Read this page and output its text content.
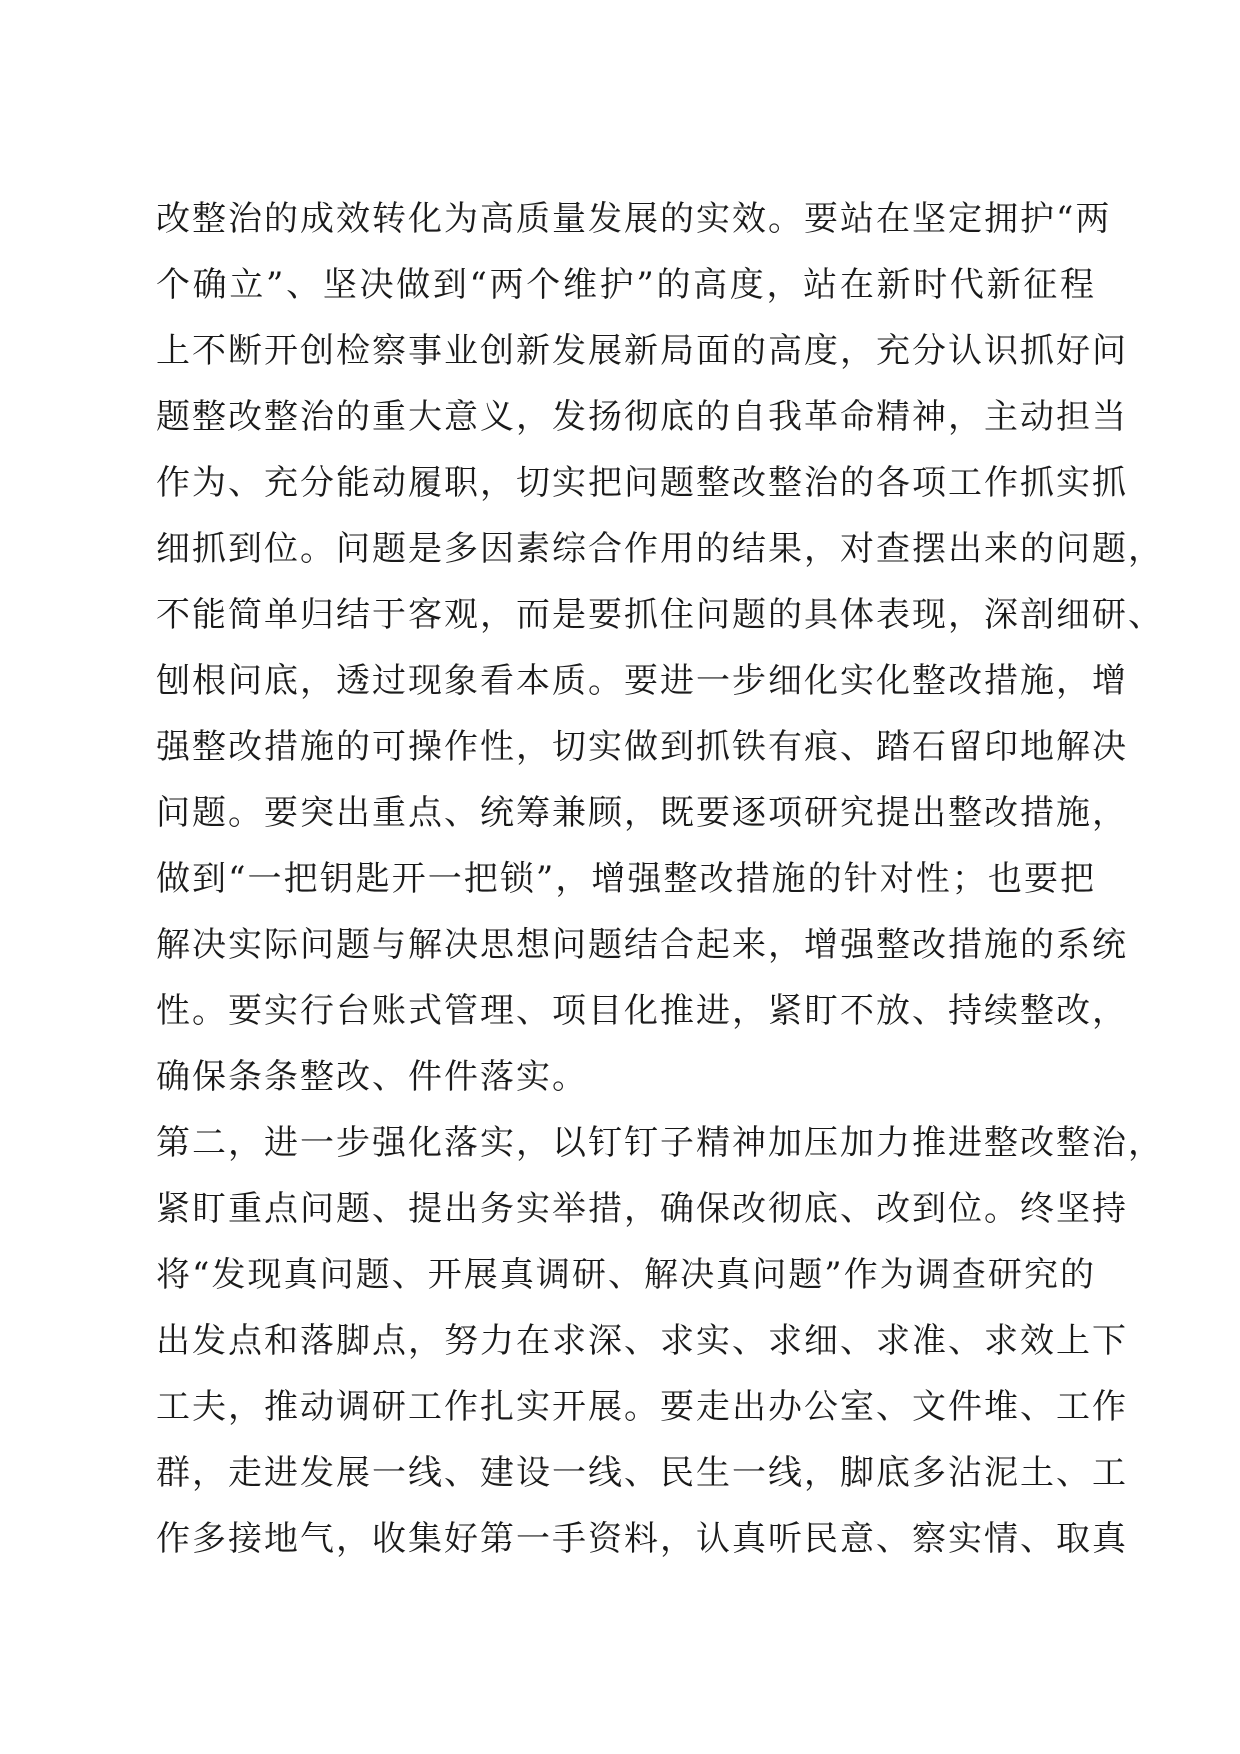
改整治的成效转化为高质量发展的实效。要站在坚定拥护“两
个确立”、坚决做到“两个维护”的高度，站在新时代新征程
上不断开创检察事业创新发展新局面的高度，充分认识抓好问
题整改整治的重大意义，发扬彻底的自我革命精神，主动担当
作为、充分能动履职，切实把问题整改整治的各项工作抓实抓
细抓到位。问题是多因素综合作用的结果，对查摆出来的问题，
不能简单归结于客观，而是要抓住问题的具体表现，深剖细研、
刨根问底，透过现象看本质。要进一步细化实化整改措施，增
强整改措施的可操作性，切实做到抓铁有痕、踏石留印地解决
问题。要突出重点、统筹兼顾，既要逐项研究提出整改措施，
做到“一把钥匙开一把锁”，增强整改措施的针对性；也要把
解决实际问题与解决思想问题结合起来，增强整改措施的系统
性。要实行台账式管理、项目化推进，紧盯不放、持续整改，
确保条条整改、件件落实。
第二，进一步强化落实，以钉钉子精神加压加力推进整改整治，
紧盯重点问题、提出务实举措，确保改彻底、改到位。终坚持
将“发现真问题、开展真调研、解决真问题”作为调查研究的
出发点和落脚点，努力在求深、求实、求细、求准、求效上下
工夫，推动调研工作扎实开展。要走出办公室、文件堆、工作
群，走进发展一线、建设一线、民生一线，脚底多沾泥土、工
作多接地气，收集好第一手资料，认真听民意、察实情、取真
